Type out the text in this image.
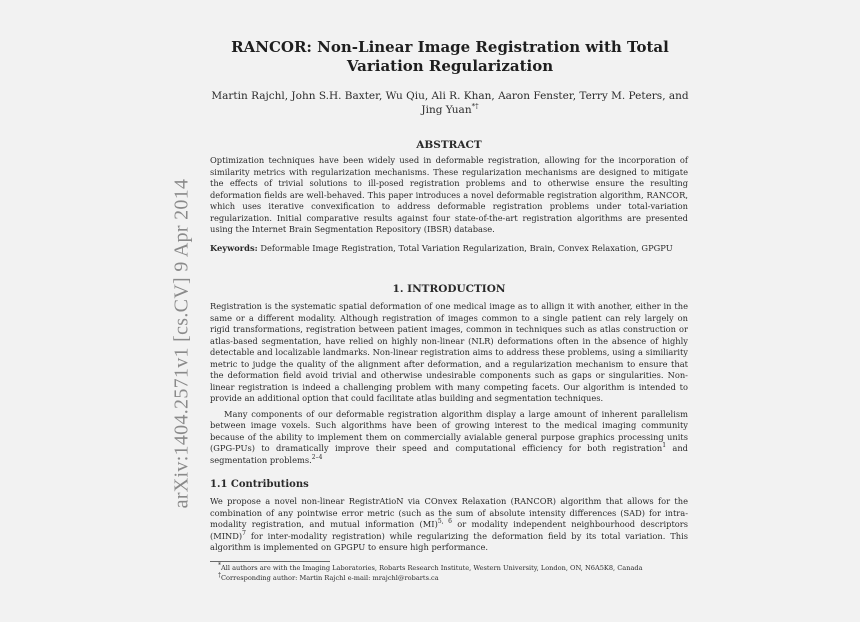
arXiv:1404.2571v1 [cs.CV] 9 Apr 2014
RANCOR: Non-Linear Image Registration with Total Variation Regularization
Martin Rajchl, John S.H. Baxter, Wu Qiu, Ali R. Khan, Aaron Fenster, Terry M. Peters, and Jing Yuan*†
ABSTRACT

Optimization techniques have been widely used in deformable registration, allowing for the incorporation of similarity metrics with regularization mechanisms. These regularization mechanisms are designed to mitigate the effects of trivial solutions to ill-posed registration problems and to otherwise ensure the resulting deformation fields are well-behaved. This paper introduces a novel deformable registration algorithm, RANCOR, which uses iterative convexification to address deformable registration problems under total-variation regularization. Initial comparative results against four state-of-the-art registration algorithms are presented using the Internet Brain Segmentation Repository (IBSR) database.

Keywords: Deformable Image Registration, Total Variation Regularization, Brain, Convex Relaxation, GPGPU

1. INTRODUCTION

Registration is the systematic spatial deformation of one medical image as to allign it with another, either in the same or a different modality. Although registration of images common to a single patient can rely largely on rigid transformations, registration between patient images, common in techniques such as atlas construction or atlas-based segmentation, have relied on highly non-linear (NLR) deformations often in the absence of highly detectable and localizable landmarks. Non-linear registration aims to address these problems, using a similiarity metric to judge the quality of the alignment after deformation, and a regularization mechanism to ensure that the deformation field avoid trivial and otherwise undesirable components such as gaps or singularities. Non-linear registration is indeed a challenging problem with many competing facets. Our algorithm is intended to provide an additional option that could facilitate atlas building and segmentation techniques.

Many components of our deformable registration algorithm display a large amount of inherent parallelism between image voxels. Such algorithms have been of growing interest to the medical imaging community because of the ability to implement them on commercially avialable general purpose graphics processing units (GPG-PUs) to dramatically improve their speed and computational efficiency for both registration$^1$ and segmentation problems.$^{2-4}$

1.1 Contributions

We propose a novel non-linear RegistrAtioN via COnvex Relaxation (RANCOR) algorithm that allows for the combination of any pointwise error metric (such as the sum of absolute intensity differences (SAD) for intra-modality registration, and mutual information (MI)$^{5, 6}$ or modality independent neighbourhood descriptors (MIND)$^7$ for inter-modality registration) while regularizing the deformation field by its total variation. This algorithm is implemented on GPGPU to ensure high performance.

*All authors are with the Imaging Laboratories, Robarts Research Institute, Western University, London, ON, N6A5K8, Canada
†Corresponding author: Martin Rajchl e-mail: mrajchl@robarts.ca
